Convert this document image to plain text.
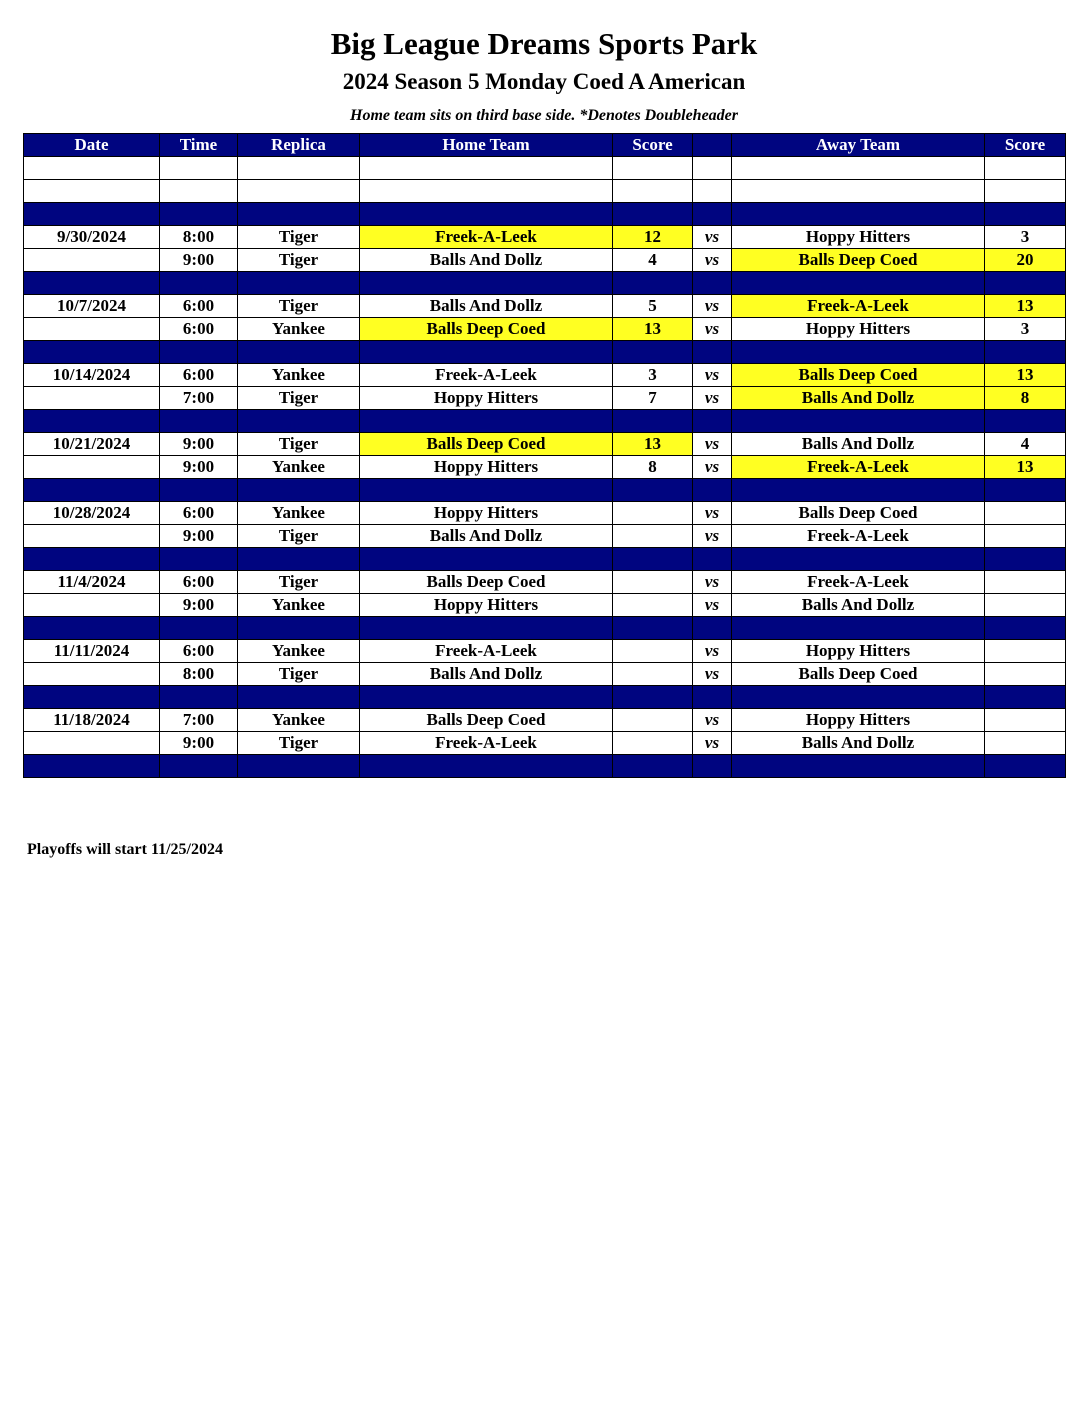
Big League Dreams Sports Park
2024 Season 5 Monday Coed A American
Home team sits on third base side. *Denotes Doubleheader
Date	Time	Replica	Home Team	Score		Away Team	Score

9/30/2024	8:00	Tiger	Freek-A-Leek	12	vs	Hoppy Hitters	3
	9:00	Tiger	Balls And Dollz	4	vs	Balls Deep Coed	20

10/7/2024	6:00	Tiger	Balls And Dollz	5	vs	Freek-A-Leek	13
	6:00	Yankee	Balls Deep Coed	13	vs	Hoppy Hitters	3

10/14/2024	6:00	Yankee	Freek-A-Leek	3	vs	Balls Deep Coed	13
	7:00	Tiger	Hoppy Hitters	7	vs	Balls And Dollz	8

10/21/2024	9:00	Tiger	Balls Deep Coed	13	vs	Balls And Dollz	4
	9:00	Yankee	Hoppy Hitters	8	vs	Freek-A-Leek	13

10/28/2024	6:00	Yankee	Hoppy Hitters		vs	Balls Deep Coed	
	9:00	Tiger	Balls And Dollz		vs	Freek-A-Leek	

11/4/2024	6:00	Tiger	Balls Deep Coed		vs	Freek-A-Leek	
	9:00	Yankee	Hoppy Hitters		vs	Balls And Dollz	

11/11/2024	6:00	Yankee	Freek-A-Leek		vs	Hoppy Hitters	
	8:00	Tiger	Balls And Dollz		vs	Balls Deep Coed	

11/18/2024	7:00	Yankee	Balls Deep Coed		vs	Hoppy Hitters	
	9:00	Tiger	Freek-A-Leek		vs	Balls And Dollz	

Playoffs will start 11/25/2024
